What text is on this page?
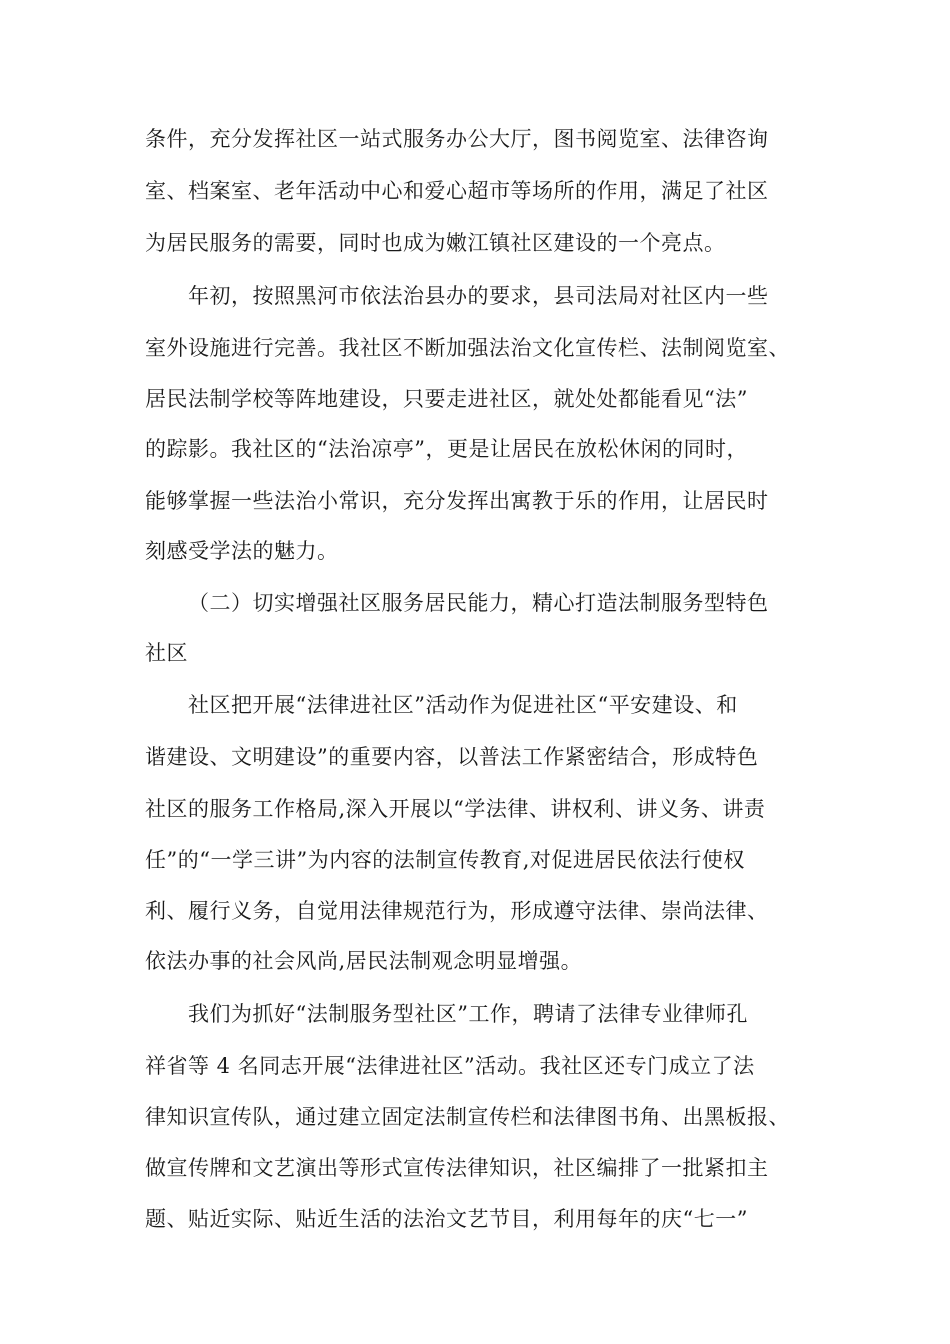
条件，充分发挥社区一站式服务办公大厅，图书阅览室、法律咨询
室、档案室、老年活动中心和爱心超市等场所的作用，满足了社区
为居民服务的需要，同时也成为嫩江镇社区建设的一个亮点。
年初，按照黑河市依法治县办的要求，县司法局对社区内一些
室外设施进行完善。我社区不断加强法治文化宣传栏、法制阅览室、
居民法制学校等阵地建设，只要走进社区，就处处都能看见“法”
的踪影。我社区的“法治凉亭”，更是让居民在放松休闲的同时，
能够掌握一些法治小常识，充分发挥出寓教于乐的作用，让居民时
刻感受学法的魅力。
（二）切实增强社区服务居民能力，精心打造法制服务型特色
社区
社区把开展“法律进社区”活动作为促进社区“平安建设、和
谐建设、文明建设”的重要内容，以普法工作紧密结合，形成特色
社区的服务工作格局,深入开展以“学法律、讲权利、讲义务、讲责
任”的“一学三讲”为内容的法制宣传教育,对促进居民依法行使权
利、履行义务，自觉用法律规范行为，形成遵守法律、崇尚法律、
依法办事的社会风尚,居民法制观念明显增强。
我们为抓好“法制服务型社区”工作，聘请了法律专业律师孔
祥省等 4 名同志开展“法律进社区”活动。我社区还专门成立了法
律知识宣传队，通过建立固定法制宣传栏和法律图书角、出黑板报、
做宣传牌和文艺演出等形式宣传法律知识，社区编排了一批紧扣主
题、贴近实际、贴近生活的法治文艺节目，利用每年的庆“七一”
